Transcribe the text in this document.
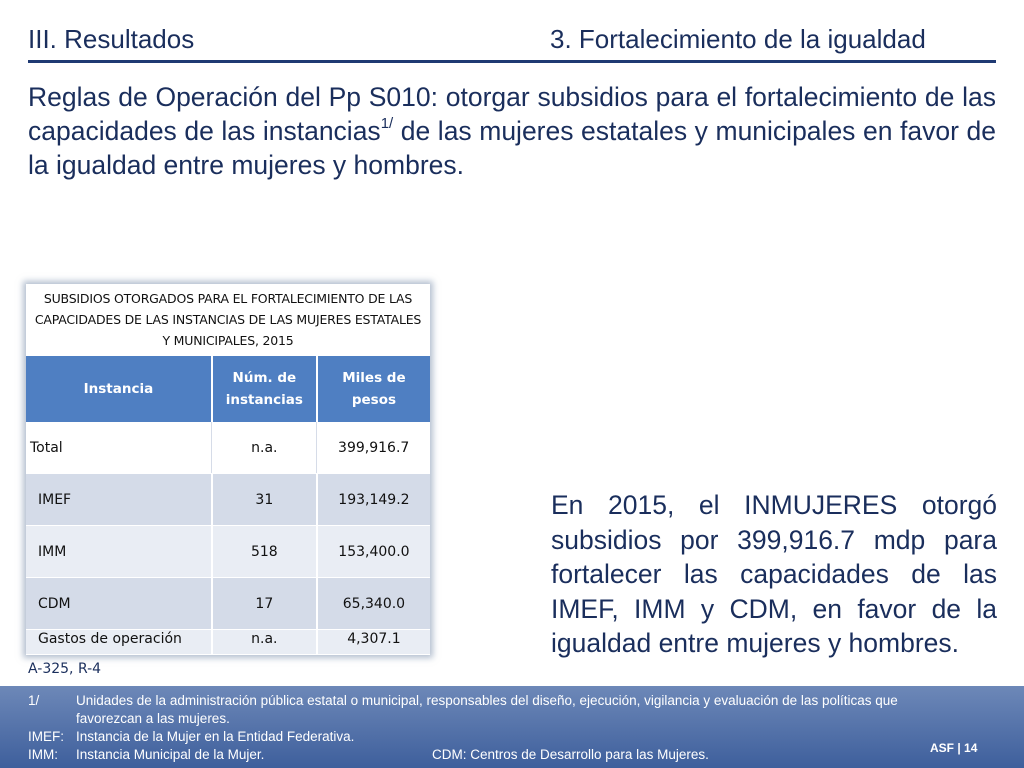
III. Resultados	3. Fortalecimiento de la igualdad
Reglas de Operación del Pp S010: otorgar subsidios para el fortalecimiento de las capacidades de las instancias$^{1/}$ de las mujeres estatales y municipales en favor de la igualdad entre mujeres y hombres.
SUBSIDIOS OTORGADOS PARA EL FORTALECIMIENTO DE LAS CAPACIDADES DE LAS INSTANCIAS DE LAS MUJERES ESTATALES Y MUNICIPALES, 2015
Instancia	Núm. de instancias	Miles de pesos
Total	n.a.	399,916.7
IMEF	31	193,149.2
IMM	518	153,400.0
CDM	17	65,340.0
Gastos de operación	n.a.	4,307.1
A-325, R-4
En 2015, el INMUJERES otorgó subsidios por 399,916.7 mdp para fortalecer las capacidades de las IMEF, IMM y CDM, en favor de la igualdad entre mujeres y hombres.
1/	Unidades de la administración pública estatal o municipal, responsables del diseño, ejecución, vigilancia y evaluación de las políticas que favorezcan a las mujeres.
IMEF: Instancia de la Mujer en la Entidad Federativa.
IMM: Instancia Municipal de la Mujer.	CDM: Centros de Desarrollo para las Mujeres.	ASF | 14
